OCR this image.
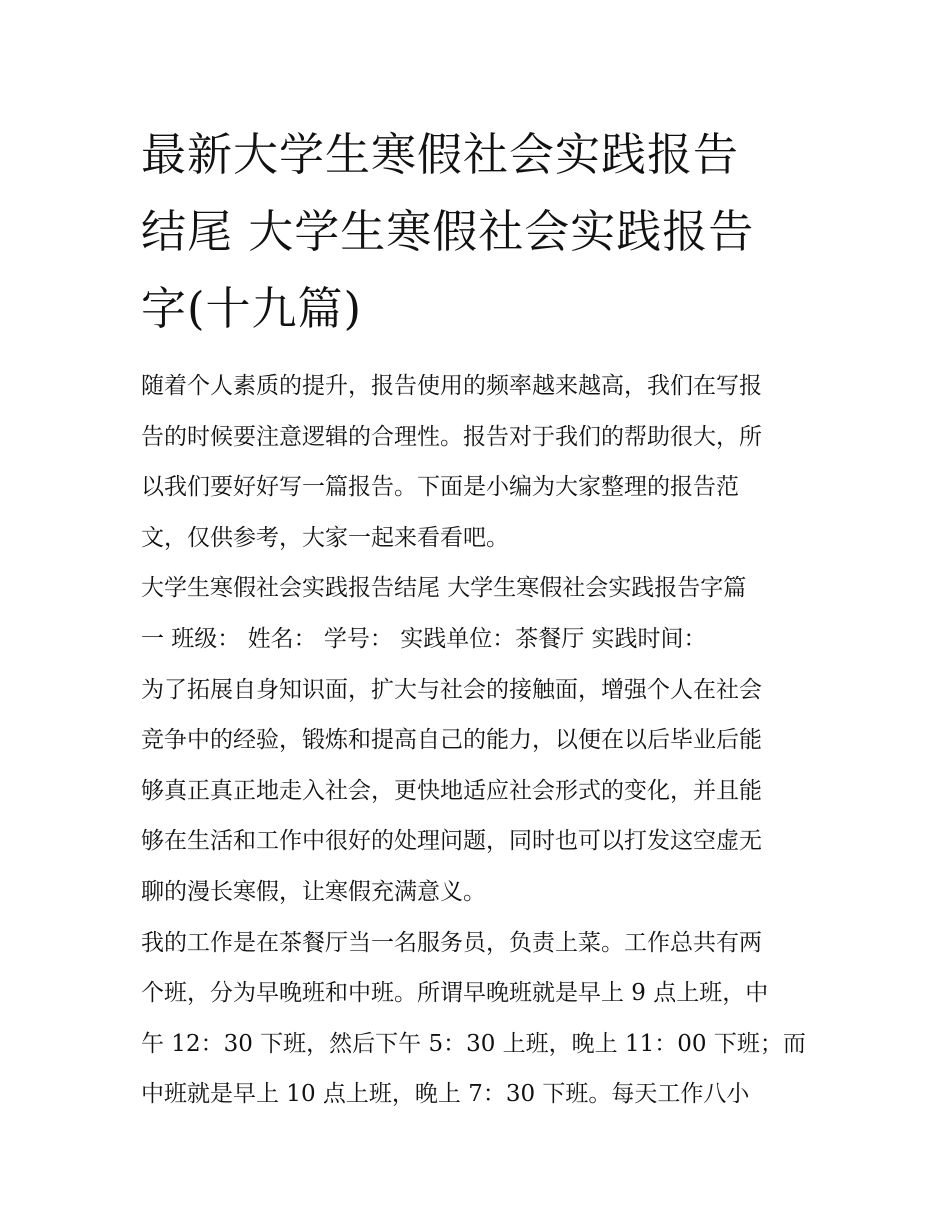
最新大学生寒假社会实践报告
结尾 大学生寒假社会实践报告
字(十九篇)

随着个人素质的提升，报告使用的频率越来越高，我们在写报
告的时候要注意逻辑的合理性。报告对于我们的帮助很大，所
以我们要好好写一篇报告。下面是小编为大家整理的报告范
文，仅供参考，大家一起来看看吧。

大学生寒假社会实践报告结尾 大学生寒假社会实践报告字篇
一 班级： 姓名： 学号： 实践单位：茶餐厅 实践时间：

为了拓展自身知识面，扩大与社会的接触面，增强个人在社会
竞争中的经验，锻炼和提高自己的能力，以便在以后毕业后能
够真正真正地走入社会，更快地适应社会形式的变化，并且能
够在生活和工作中很好的处理问题，同时也可以打发这空虚无
聊的漫长寒假，让寒假充满意义。

我的工作是在茶餐厅当一名服务员，负责上菜。工作总共有两
个班，分为早晚班和中班。所谓早晚班就是早上 9 点上班，中
午 12：30 下班，然后下午 5：30 上班，晚上 11：00 下班；而
中班就是早上 10 点上班，晚上 7：30 下班。每天工作八小
